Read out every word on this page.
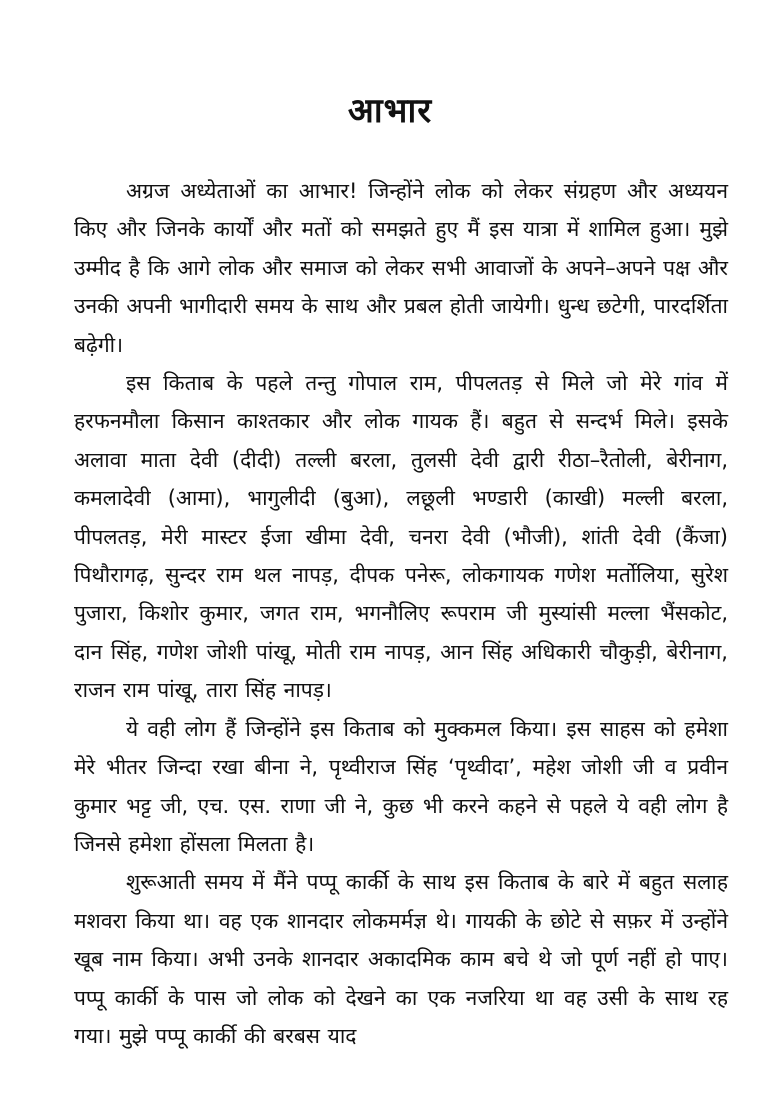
आभार

अग्रज अध्येताओं का आभार! जिन्होंने लोक को लेकर संग्रहण और अध्ययन किए और जिनके कार्यों और मतों को समझते हुए मैं इस यात्रा में शामिल हुआ। मुझे उम्मीद है कि आगे लोक और समाज को लेकर सभी आवाजों के अपने–अपने पक्ष और उनकी अपनी भागीदारी समय के साथ और प्रबल होती जायेगी। धुन्ध छटेगी, पारदर्शिता बढ़ेगी।

इस किताब के पहले तन्तु गोपाल राम, पीपलतड़ से मिले जो मेरे गांव में हरफनमौला किसान काश्तकार और लोक गायक हैं। बहुत से सन्दर्भ मिले। इसके अलावा माता देवी (दीदी) तल्ली बरला, तुलसी देवी द्वारी रीठा–रैतोली, बेरीनाग, कमलादेवी (आमा), भागुलीदी (बुआ), लछूली भण्डारी (काखी) मल्ली बरला, पीपलतड़, मेरी मास्टर ईजा खीमा देवी, चनरा देवी (भौजी), शांती देवी (कैंजा) पिथौरागढ़, सुन्दर राम थल नापड़, दीपक पनेरू, लोकगायक गणेश मर्तोलिया, सुरेश पुजारा, किशोर कुमार, जगत राम, भगनौलिए रूपराम जी मुस्यांसी मल्ला भैंसकोट, दान सिंह, गणेश जोशी पांखू, मोती राम नापड़, आन सिंह अधिकारी चौकुड़ी, बेरीनाग, राजन राम पांखू, तारा सिंह नापड़।

ये वही लोग हैं जिन्होंने इस किताब को मुक्कमल किया। इस साहस को हमेशा मेरे भीतर जिन्दा रखा बीना ने, पृथ्वीराज सिंह ‘पृथ्वीदा’, महेश जोशी जी व प्रवीन कुमार भट्ट जी, एच. एस. राणा जी ने, कुछ भी करने कहने से पहले ये वही लोग है जिनसे हमेशा होंसला मिलता है।

शुरूआती समय में मैंने पप्पू कार्की के साथ इस किताब के बारे में बहुत सलाह मशवरा किया था। वह एक शानदार लोकमर्मज्ञ थे। गायकी के छोटे से सफ़र में उन्होंने खूब नाम किया। अभी उनके शानदार अकादमिक काम बचे थे जो पूर्ण नहीं हो पाए। पप्पू कार्की के पास जो लोक को देखने का एक नजरिया था वह उसी के साथ रह गया। मुझे पप्पू कार्की की बरबस याद
